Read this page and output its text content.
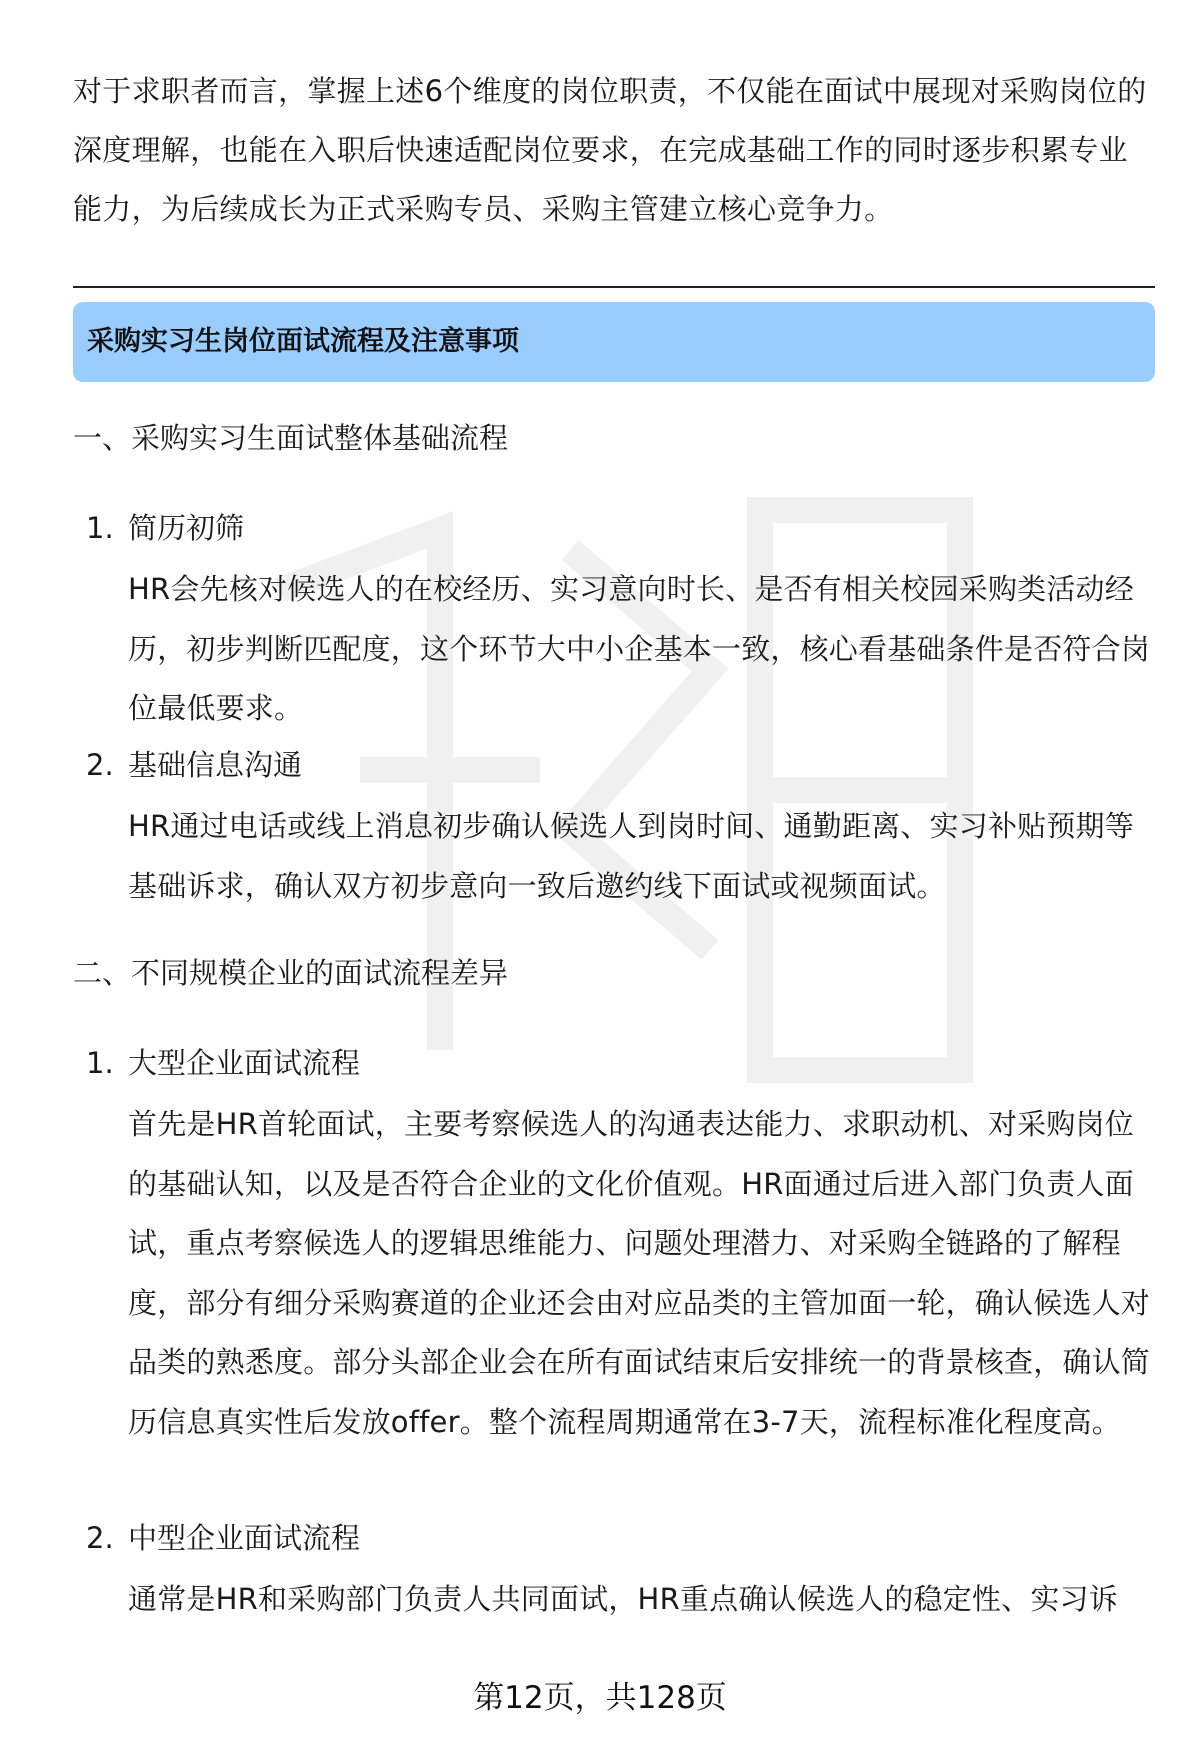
对于求职者而言，掌握上述6个维度的岗位职责，不仅能在面试中展现对采购岗位的深度理解，也能在入职后快速适配岗位要求，在完成基础工作的同时逐步积累专业能力，为后续成长为正式采购专员、采购主管建立核心竞争力。

采购实习生岗位面试流程及注意事项

一、采购实习生面试整体基础流程

1. 简历初筛

HR会先核对候选人的在校经历、实习意向时长、是否有相关校园采购类活动经历，初步判断匹配度，这个环节大中小企基本一致，核心看基础条件是否符合岗位最低要求。

2. 基础信息沟通

HR通过电话或线上消息初步确认候选人到岗时间、通勤距离、实习补贴预期等基础诉求，确认双方初步意向一致后邀约线下面试或视频面试。

二、不同规模企业的面试流程差异

1. 大型企业面试流程

首先是HR首轮面试，主要考察候选人的沟通表达能力、求职动机、对采购岗位的基础认知，以及是否符合企业的文化价值观。HR面通过后进入部门负责人面试，重点考察候选人的逻辑思维能力、问题处理潜力、对采购全链路的了解程度，部分有细分采购赛道的企业还会由对应品类的主管加面一轮，确认候选人对品类的熟悉度。部分头部企业会在所有面试结束后安排统一的背景核查，确认简历信息真实性后发放offer。整个流程周期通常在3-7天，流程标准化程度高。

2. 中型企业面试流程

通常是HR和采购部门负责人共同面试，HR重点确认候选人的稳定性、实习诉

第12页，共128页
